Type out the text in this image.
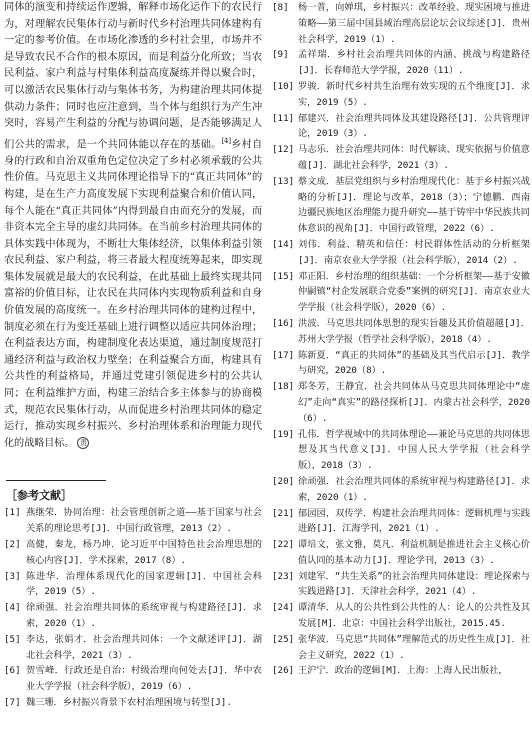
同体的演变和持续运作逻辑，解释市场化运作下的农民行为，对理解农民集体行动与新时代乡村治理共同体建构有一定的参考价值。在市场化渗透的乡村社会里，市场并不是导致农民不合作的根本原因，而是利益分化所致；当农民利益、家户利益与村集体利益高度凝练并得以聚合时，可以激活农民集体行动与集体书务，为构建治理共同体提供动力条件；同时也应注意到，当个体与组织行为产生冲突时，容易产生利益的分配与协调问题，是否能够满足人们公共的需求，是一个共同体能以存在的基础。[4]乡村自身的行政和自治双重角色定位决定了乡村必须承载的公共性价值。马克思主义共同体理论指导下的“真正共同体”的构建，是在生产力高度发展下实现利益聚合和价值认同，每个人能在“真正共同体”内得到最自由而充分的发展，而非资本完全主导的虚幻共同体。在当前乡村治理共同体的具体实践中体现为，不断壮大集体经济，以集体利益引领农民利益、家户利益，将三者最大程度统筹起来，即实现集体发展就是最大的农民利益，在此基础上最终实现共同富裕的价值目标，让农民在共同体内实现物质利益和自身价值发展的高度统一。在乡村治理共同体的建构过程中，制度必须在行为变迁基础上进行调整以适应共同体治理；在利益表达方面，构建制度化表达渠道，通过制度规范打通经济利益与政治权力壁垒；在利益聚合方面，构建具有公共性的利益格局，并通过党建引领促进乡村的公共认同；在利益维护方面，构建三治结合多主体参与的协商模式，规范农民集体行动，从而促进乡村治理共同体的稳定运行，推动实现乡村振兴、乡村治理体系和治理能力现代化的战略目标。 责

［参考文献］
[1] 燕继荣．协同治理：社会管理创新之道——基于国家与社会关系的理论思考[J]．中国行政管理，2013（2）.
[2] 高健，秦龙，杨乃坤．论习近平中国特色社会治理思想的核心内容[J]．学术探索，2017（8）.
[3] 陈进华．治理体系现代化的国家逻辑[J]．中国社会科学，2019（5）.
[4] 徐顽强．社会治理共同体的系统审视与构建路径[J]．求索，2020（1）.
[5] 李达，张娟才．社会治理共同体：一个文献述评[J]．湖北社会科学，2021（3）.
[6] 贺雪峰．行政还是自治：村级治理向何处去[J]．华中农业大学学报（社会科学版），2019（6）.
[7] 魏三珊．乡村振兴背景下农村治理困境与转型[J].
[8]	杨一普，向婵琪，乡村振兴：改革经验、现实困境与推进策略——第三届中国县域治理高层论坛会议综述[J]．贵州社会科学，2019（1）.
[9]	孟祥瑞．乡村社会治理共同体的内涵、挑战与构建路径[J]．长春师范大学学报，2020（11）.
[10] 罗骏．新时代乡村共生治理有效实现的五个维度[J]．求实，2019（5）.
[11] 郁建兴．社会治理共同体及其建设路径[J]．公共管理评论，2019（3）.
[12] 马志乐．社会治理共同体：时代解读、现实依据与价值意蕴[J]．湖北社会科学，2021（3）.
[13] 蔡文成．基层党组织与乡村治理现代化：基于乡村振兴战略的分析[J]．理论与改革，2018（3）；宁德鹏．西南边疆民族地区治理能力提升研究——基于铸牢中华民族共同体意识的视角[J]．中国行政管理，2022（6）.
[14] 刘伟．利益、精英和信任：村民群体性活动的分析框架[J]．南京农业大学学报（社会科学版），2014（2）.
[15] 邓正阳．乡村治理的组织基础：一个分析框架——基于安徽仲嗣镇“村企发展联合党委”案例的研究[J]．南京农业大学学报（社会科学版），2020（6）.
[16] 洪波．马克思共同体思想的现实旨趣及其价值超越[J]．苏州大学学报（哲学社会科学版），2018（4）.
[17] 陈新夏．“真正的共同体”的基础及其当代启示[J]．教学与研究，2020（8）.
[18] 郑冬芳，王静宜．社会共同体从马克思共同体理论中“虚幻”走向“真实”的路径探析[J]．内蒙古社会科学，2020（6）.
[19] 孔伟．哲学视域中的共同体理论——兼论马克思的共同体思想及其当代意义[J]．中国人民大学学报（社会科学版），2018（3）.
[20] 徐顽强．社会治理共同体的系统审视与构建路径[J]．求索，2020（1）.
[21] 郁园园，双传学．构建社会治理共同体：逻辑机理与实践进路[J]．江海学刊，2021（1）.
[22] 谭培文，张文雅，莫凡．利益机制是推进社会主义核心价值认同的基本动力[J]．理论学刊，2013（3）.
[23] 刘建军．“共生关系”的社会治理共同体建设：理论探索与实践进路[J]．天津社会科学，2021（4）.
[24] 谭清华．从人的公共性到公共性的人：论人的公共性及其发展[M]．北京：中国社会科学出版社，2015.45.
[25] 张华波．马克思“共同体”理解范式的历史性生成[J]．社会主义研究，2022（1）.
[26] 王沪宁．政治的逻辑[M]．上海：上海人民出版社，
